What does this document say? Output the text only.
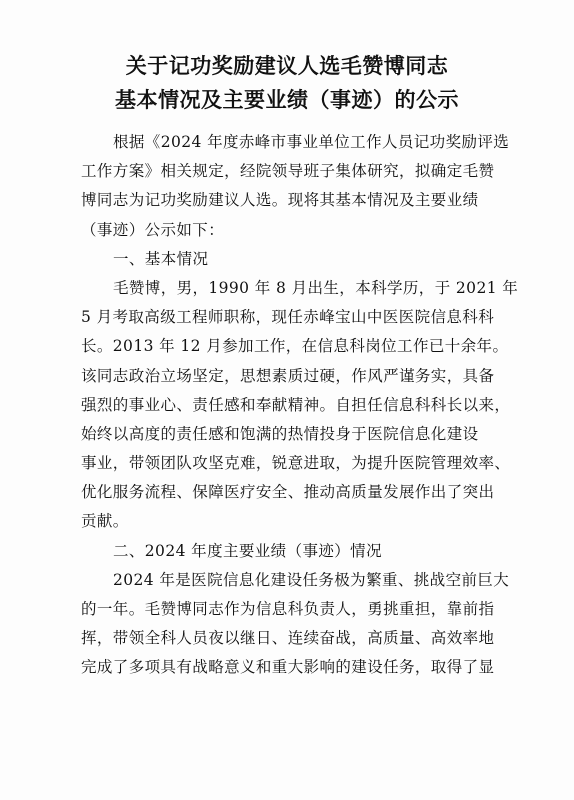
关于记功奖励建议人选毛赞博同志
基本情况及主要业绩（事迹）的公示
根据《2024 年度赤峰市事业单位工作人员记功奖励评选
工作方案》相关规定，经院领导班子集体研究，拟确定毛赞
博同志为记功奖励建议人选。现将其基本情况及主要业绩
（事迹）公示如下：
一、基本情况
毛赞博，男，1990 年 8 月出生，本科学历，于 2021 年
5 月考取高级工程师职称，现任赤峰宝山中医医院信息科科
长。2013 年 12 月参加工作，在信息科岗位工作已十余年。
该同志政治立场坚定，思想素质过硬，作风严谨务实，具备
强烈的事业心、责任感和奉献精神。自担任信息科科长以来，
始终以高度的责任感和饱满的热情投身于医院信息化建设
事业，带领团队攻坚克难，锐意进取，为提升医院管理效率、
优化服务流程、保障医疗安全、推动高质量发展作出了突出
贡献。
二、2024 年度主要业绩（事迹）情况
2024 年是医院信息化建设任务极为繁重、挑战空前巨大
的一年。毛赞博同志作为信息科负责人，勇挑重担，靠前指
挥，带领全科人员夜以继日、连续奋战，高质量、高效率地
完成了多项具有战略意义和重大影响的建设任务，取得了显
